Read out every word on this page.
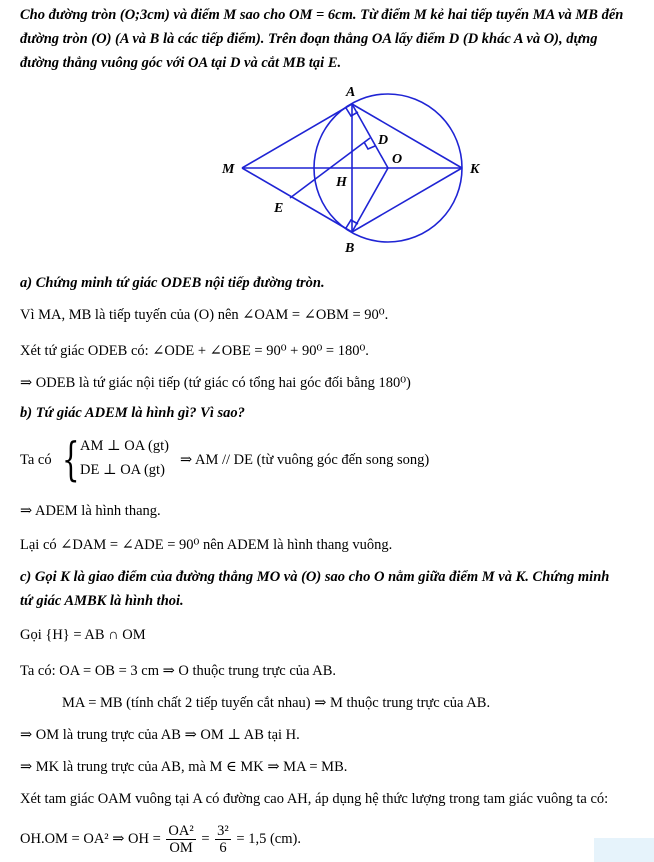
Cho đường tròn (O;3cm) và điểm M sao cho OM = 6cm. Từ điểm M kẻ hai tiếp tuyến MA và MB đến
đường tròn (O) (A và B là các tiếp điểm). Trên đoạn thẳng OA lấy điểm D (D khác A và O), dựng
đường thẳng vuông góc với OA tại D và cắt MB tại E.
A
B
M	K
O
D
H
E
a) Chứng minh tứ giác ODEB nội tiếp đường tròn.
Vì MA, MB là tiếp tuyến của (O) nên ∠OAM = ∠OBM = 90⁰.
Xét tứ giác ODEB có: ∠ODE + ∠OBE = 90⁰ + 90⁰ = 180⁰.
⇒ ODEB là tứ giác nội tiếp (tứ giác có tổng hai góc đối bằng 180⁰)
b) Tứ giác ADEM là hình gì? Vì sao?
Ta có { AM ⊥ OA (gt)
DE ⊥ OA (gt)
⇒ AM // DE (từ vuông góc đến song song)
⇒ ADEM là hình thang.
Lại có ∠DAM = ∠ADE = 90⁰ nên ADEM là hình thang vuông.
c) Gọi K là giao điểm của đường thẳng MO và (O) sao cho O nằm giữa điểm M và K. Chứng minh
tứ giác AMBK là hình thoi.
Gọi {H} = AB ∩ OM
Ta có: OA = OB = 3 cm ⇒ O thuộc trung trực của AB.
MA = MB (tính chất 2 tiếp tuyến cắt nhau) ⇒ M thuộc trung trực của AB.
⇒ OM là trung trực của AB ⇒ OM ⊥ AB tại H.
⇒ MK là trung trực của AB, mà M ∈ MK ⇒ MA = MB.
Xét tam giác OAM vuông tại A có đường cao AH, áp dụng hệ thức lượng trong tam giác vuông ta có:
OH.OM = OA² ⇒ OH = $\frac{\text{OA²}}{OM} = \frac{\text{3²}}{6} = 1,5$ (cm).
